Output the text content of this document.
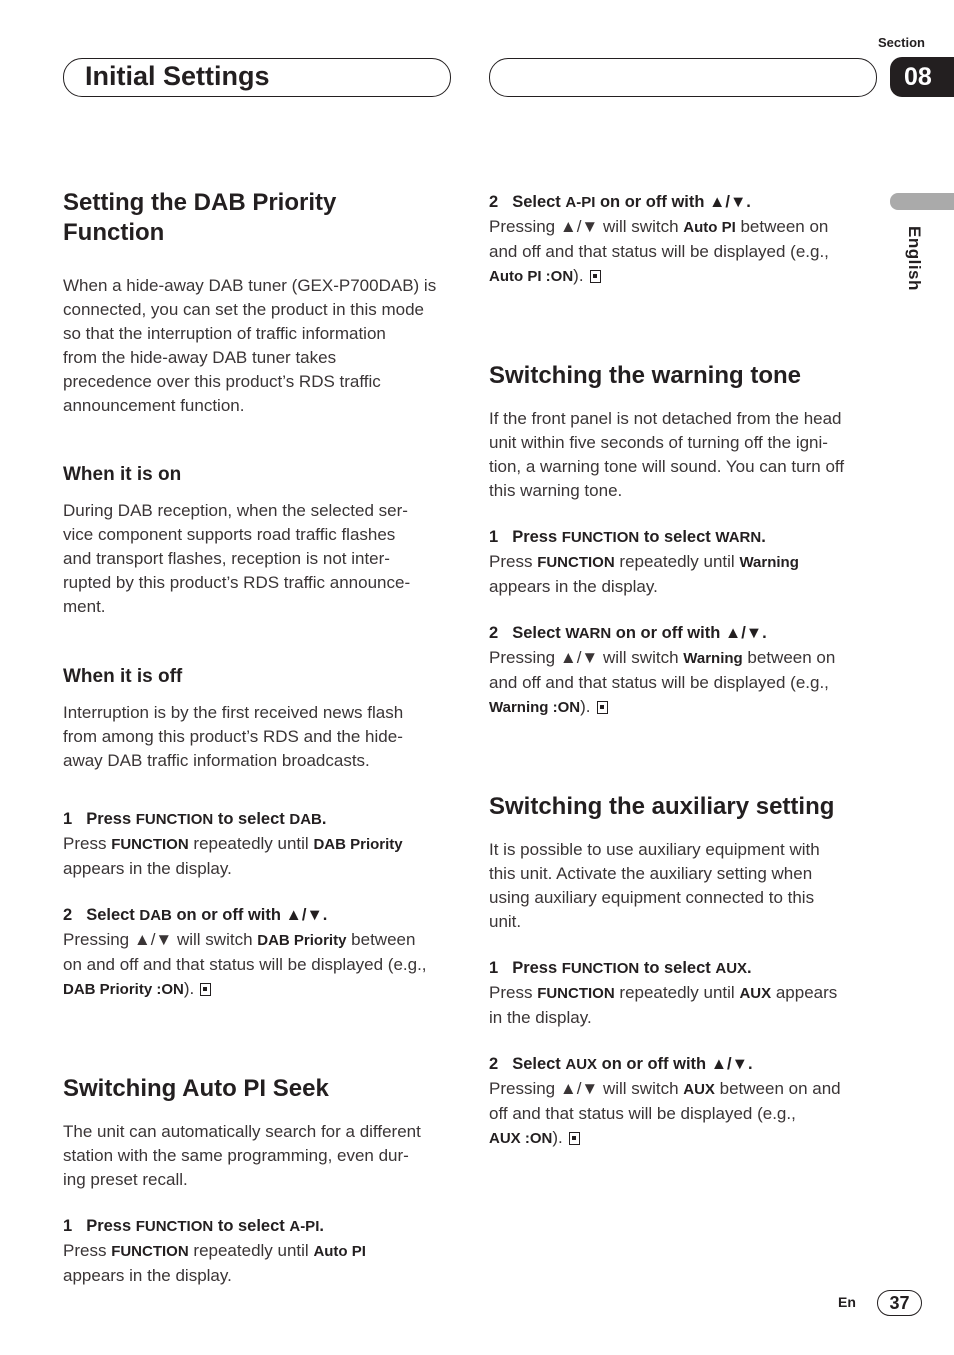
Initial Settings
Section
08
English
Setting the DAB Priority
Function

When a hide-away DAB tuner (GEX-P700DAB) is
connected, you can set the product in this mode
so that the interruption of traffic information
from the hide-away DAB tuner takes
precedence over this product’s RDS traffic
announcement function.

When it is on

During DAB reception, when the selected ser-
vice component supports road traffic flashes
and transport flashes, reception is not inter-
rupted by this product’s RDS traffic announce-
ment.

When it is off

Interruption is by the first received news flash
from among this product’s RDS and the hide-
away DAB traffic information broadcasts.

1 Press FUNCTION to select DAB.

Press FUNCTION repeatedly until DAB Priority
appears in the display.

2 Select DAB on or off with ▲/▼.

Pressing ▲/▼ will switch DAB Priority between
on and off and that status will be displayed (e.g.,
DAB Priority :ON).

Switching Auto PI Seek

The unit can automatically search for a different
station with the same programming, even dur-
ing preset recall.

1 Press FUNCTION to select A-PI.

Press FUNCTION repeatedly until Auto PI
appears in the display.

2 Select A-PI on or off with ▲/▼.

Pressing ▲/▼ will switch Auto PI between on
and off and that status will be displayed (e.g.,
Auto PI :ON).

Switching the warning tone

If the front panel is not detached from the head
unit within five seconds of turning off the igni-
tion, a warning tone will sound. You can turn off
this warning tone.

1 Press FUNCTION to select WARN.

Press FUNCTION repeatedly until Warning
appears in the display.

2 Select WARN on or off with ▲/▼.

Pressing ▲/▼ will switch Warning between on
and off and that status will be displayed (e.g.,
Warning :ON).

Switching the auxiliary setting

It is possible to use auxiliary equipment with
this unit. Activate the auxiliary setting when
using auxiliary equipment connected to this
unit.

1 Press FUNCTION to select AUX.

Press FUNCTION repeatedly until AUX appears
in the display.

2 Select AUX on or off with ▲/▼.

Pressing ▲/▼ will switch AUX between on and
off and that status will be displayed (e.g.,
AUX :ON).

En	37
